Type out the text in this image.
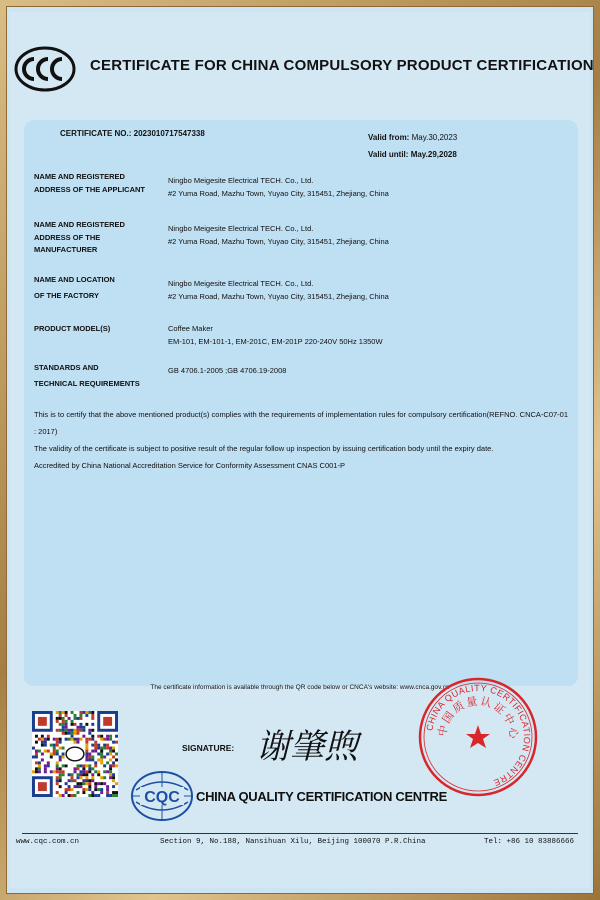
CERTIFICATE FOR CHINA COMPULSORY PRODUCT CERTIFICATION
CERTIFICATE NO.: 2023010717547338	Valid from: May.30,2023
Valid until: May.29,2028
NAME AND REGISTERED
ADDRESS OF THE APPLICANT
Ningbo Meigesite Electrical TECH. Co., Ltd.
#2 Yuma Road, Mazhu Town, Yuyao City, 315451, Zhejiang, China
NAME AND REGISTERED
ADDRESS OF THE
MANUFACTURER
Ningbo Meigesite Electrical TECH. Co., Ltd.
#2 Yuma Road, Mazhu Town, Yuyao City, 315451, Zhejiang, China
NAME AND LOCATION
OF THE FACTORY
Ningbo Meigesite Electrical TECH. Co., Ltd.
#2 Yuma Road, Mazhu Town, Yuyao City, 315451, Zhejiang, China
PRODUCT MODEL(S)	Coffee Maker
EM-101, EM-101-1, EM-201C, EM-201P 220-240V 50Hz 1350W
STANDARDS AND
TECHNICAL REQUIREMENTS
GB 4706.1-2005 ;GB 4706.19-2008

This is to certify that the above mentioned product(s) complies with the requirements of implementation rules for compulsory certification(REFNO. CNCA-C07-01 : 2017)

The validity of the certificate is subject to positive result of the regular follow up inspection by issuing certification body until the expiry date.

Accredited by China National Accreditation Service for Conformity Assessment CNAS C001-P

The certificate information is available through the QR code below or CNCA's website: www.cnca.gov.cn
SIGNATURE: 谢肇煦
CQC CHINA QUALITY CERTIFICATION CENTRE
CHINA QUALITY CERTIFICATION CENTRE
中国质量认证中心
www.cqc.com.cn	Section 9, No.188, Nansihuan Xilu, Beijing 100070 P.R.China	Tel: +86 10 83886666
